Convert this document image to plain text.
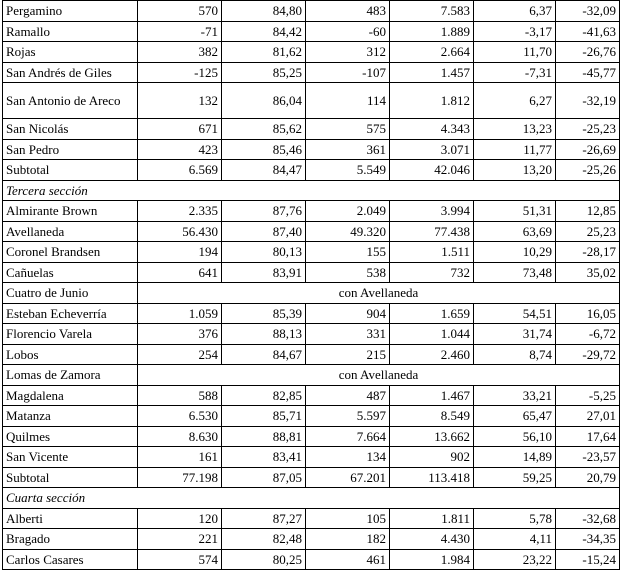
Pergamino	570	84,80	483	7.583	6,37	-32,09
Ramallo	-71	84,42	-60	1.889	-3,17	-41,63
Rojas	382	81,62	312	2.664	11,70	-26,76
San Andrés de Giles	-125	85,25	-107	1.457	-7,31	-45,77
San Antonio de Areco	132	86,04	114	1.812	6,27	-32,19
San Nicolás	671	85,62	575	4.343	13,23	-25,23
San Pedro	423	85,46	361	3.071	11,77	-26,69
Subtotal	6.569	84,47	5.549	42.046	13,20	-25,26
Tercera sección						
Almirante Brown	2.335	87,76	2.049	3.994	51,31	12,85
Avellaneda	56.430	87,40	49.320	77.438	63,69	25,23
Coronel Brandsen	194	80,13	155	1.511	10,29	-28,17
Cañuelas	641	83,91	538	732	73,48	35,02
Cuatro de Junio	con Avellaneda					
Esteban Echeverría	1.059	85,39	904	1.659	54,51	16,05
Florencio Varela	376	88,13	331	1.044	31,74	-6,72
Lobos	254	84,67	215	2.460	8,74	-29,72
Lomas de Zamora	con Avellaneda					
Magdalena	588	82,85	487	1.467	33,21	-5,25
Matanza	6.530	85,71	5.597	8.549	65,47	27,01
Quilmes	8.630	88,81	7.664	13.662	56,10	17,64
San Vicente	161	83,41	134	902	14,89	-23,57
Subtotal	77.198	87,05	67.201	113.418	59,25	20,79
Cuarta sección						
Alberti	120	87,27	105	1.811	5,78	-32,68
Bragado	221	82,48	182	4.430	4,11	-34,35
Carlos Casares	574	80,25	461	1.984	23,22	-15,24
